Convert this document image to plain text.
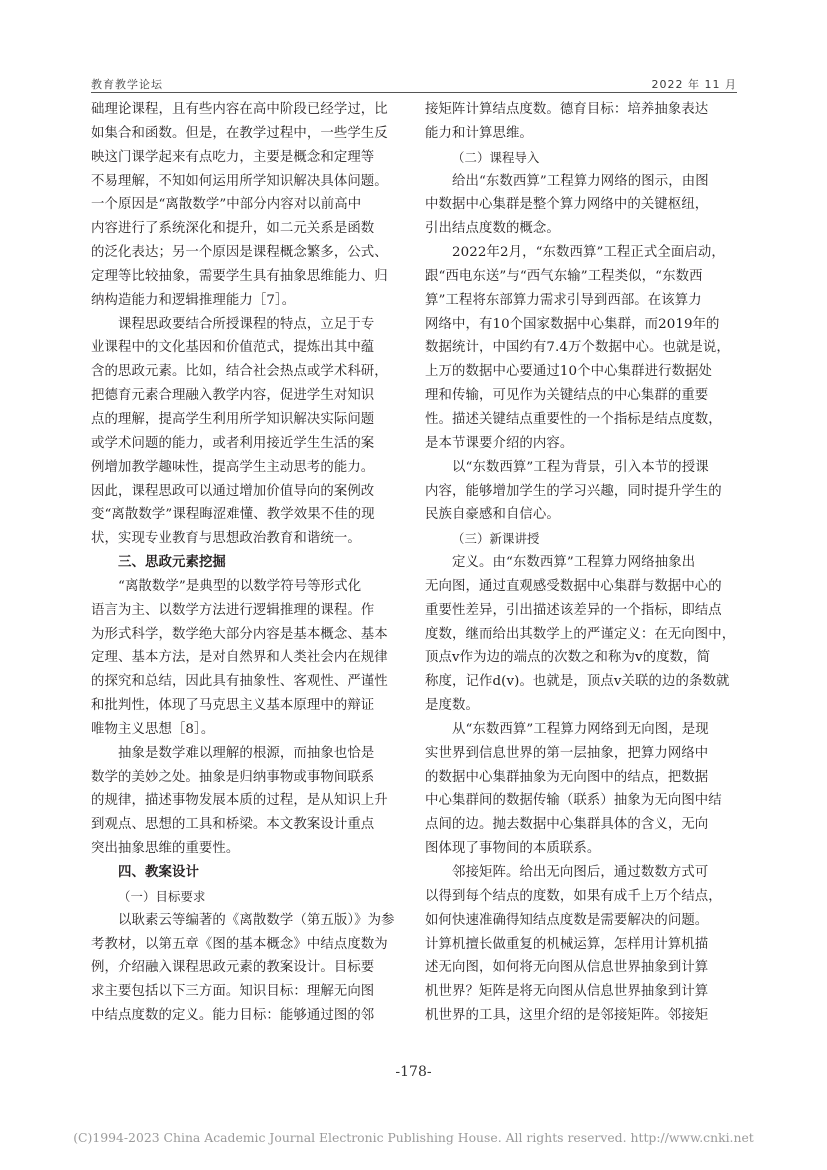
教育教学论坛	2022 年 11 月
础理论课程，且有些内容在高中阶段已经学过，比
如集合和函数。但是，在教学过程中，一些学生反
映这门课学起来有点吃力，主要是概念和定理等
不易理解，不知如何运用所学知识解决具体问题。
一个原因是“离散数学”中部分内容对以前高中
内容进行了系统深化和提升，如二元关系是函数
的泛化表达；另一个原因是课程概念繁多，公式、
定理等比较抽象，需要学生具有抽象思维能力、归
纳构造能力和逻辑推理能力［7］。
课程思政要结合所授课程的特点，立足于专
业课程中的文化基因和价值范式，提炼出其中蕴
含的思政元素。比如，结合社会热点或学术科研，
把德育元素合理融入教学内容，促进学生对知识
点的理解，提高学生利用所学知识解决实际问题
或学术问题的能力，或者利用接近学生生活的案
例增加教学趣味性，提高学生主动思考的能力。
因此，课程思政可以通过增加价值导向的案例改
变“离散数学”课程晦涩难懂、教学效果不佳的现
状，实现专业教育与思想政治教育和谐统一。
三、思政元素挖掘
“离散数学”是典型的以数学符号等形式化
语言为主、以数学方法进行逻辑推理的课程。作
为形式科学，数学绝大部分内容是基本概念、基本
定理、基本方法，是对自然界和人类社会内在规律
的探究和总结，因此具有抽象性、客观性、严谨性
和批判性，体现了马克思主义基本原理中的辩证
唯物主义思想［8］。
抽象是数学难以理解的根源，而抽象也恰是
数学的美妙之处。抽象是归纳事物或事物间联系
的规律，描述事物发展本质的过程，是从知识上升
到观点、思想的工具和桥梁。本文教案设计重点
突出抽象思维的重要性。
四、教案设计
（一）目标要求
以耿素云等编著的《离散数学（第五版）》为参
考教材，以第五章《图的基本概念》中结点度数为
例，介绍融入课程思政元素的教案设计。目标要
求主要包括以下三方面。知识目标：理解无向图
中结点度数的定义。能力目标：能够通过图的邻
接矩阵计算结点度数。德育目标：培养抽象表达
能力和计算思维。
（二）课程导入
给出“东数西算”工程算力网络的图示，由图
中数据中心集群是整个算力网络中的关键枢纽，
引出结点度数的概念。
2022年2月，“东数西算”工程正式全面启动，
跟“西电东送”与“西气东输”工程类似，“东数西
算”工程将东部算力需求引导到西部。在该算力
网络中，有10个国家数据中心集群，而2019年的
数据统计，中国约有7.4万个数据中心。也就是说，
上万的数据中心要通过10个中心集群进行数据处
理和传输，可见作为关键结点的中心集群的重要
性。描述关键结点重要性的一个指标是结点度数，
是本节课要介绍的内容。
以“东数西算”工程为背景，引入本节的授课
内容，能够增加学生的学习兴趣，同时提升学生的
民族自豪感和自信心。
（三）新课讲授
定义。由“东数西算”工程算力网络抽象出
无向图，通过直观感受数据中心集群与数据中心的
重要性差异，引出描述该差异的一个指标，即结点
度数，继而给出其数学上的严谨定义：在无向图中，
顶点v作为边的端点的次数之和称为v的度数，简
称度，记作d(v)。也就是，顶点v关联的边的条数就
是度数。
从“东数西算”工程算力网络到无向图，是现
实世界到信息世界的第一层抽象，把算力网络中
的数据中心集群抽象为无向图中的结点，把数据
中心集群间的数据传输（联系）抽象为无向图中结
点间的边。抛去数据中心集群具体的含义，无向
图体现了事物间的本质联系。
邻接矩阵。给出无向图后，通过数数方式可
以得到每个结点的度数，如果有成千上万个结点，
如何快速准确得知结点度数是需要解决的问题。
计算机擅长做重复的机械运算，怎样用计算机描
述无向图，如何将无向图从信息世界抽象到计算
机世界？矩阵是将无向图从信息世界抽象到计算
机世界的工具，这里介绍的是邻接矩阵。邻接矩
-178-
(C)1994-2023 China Academic Journal Electronic Publishing House. All rights reserved. http://www.cnki.net
